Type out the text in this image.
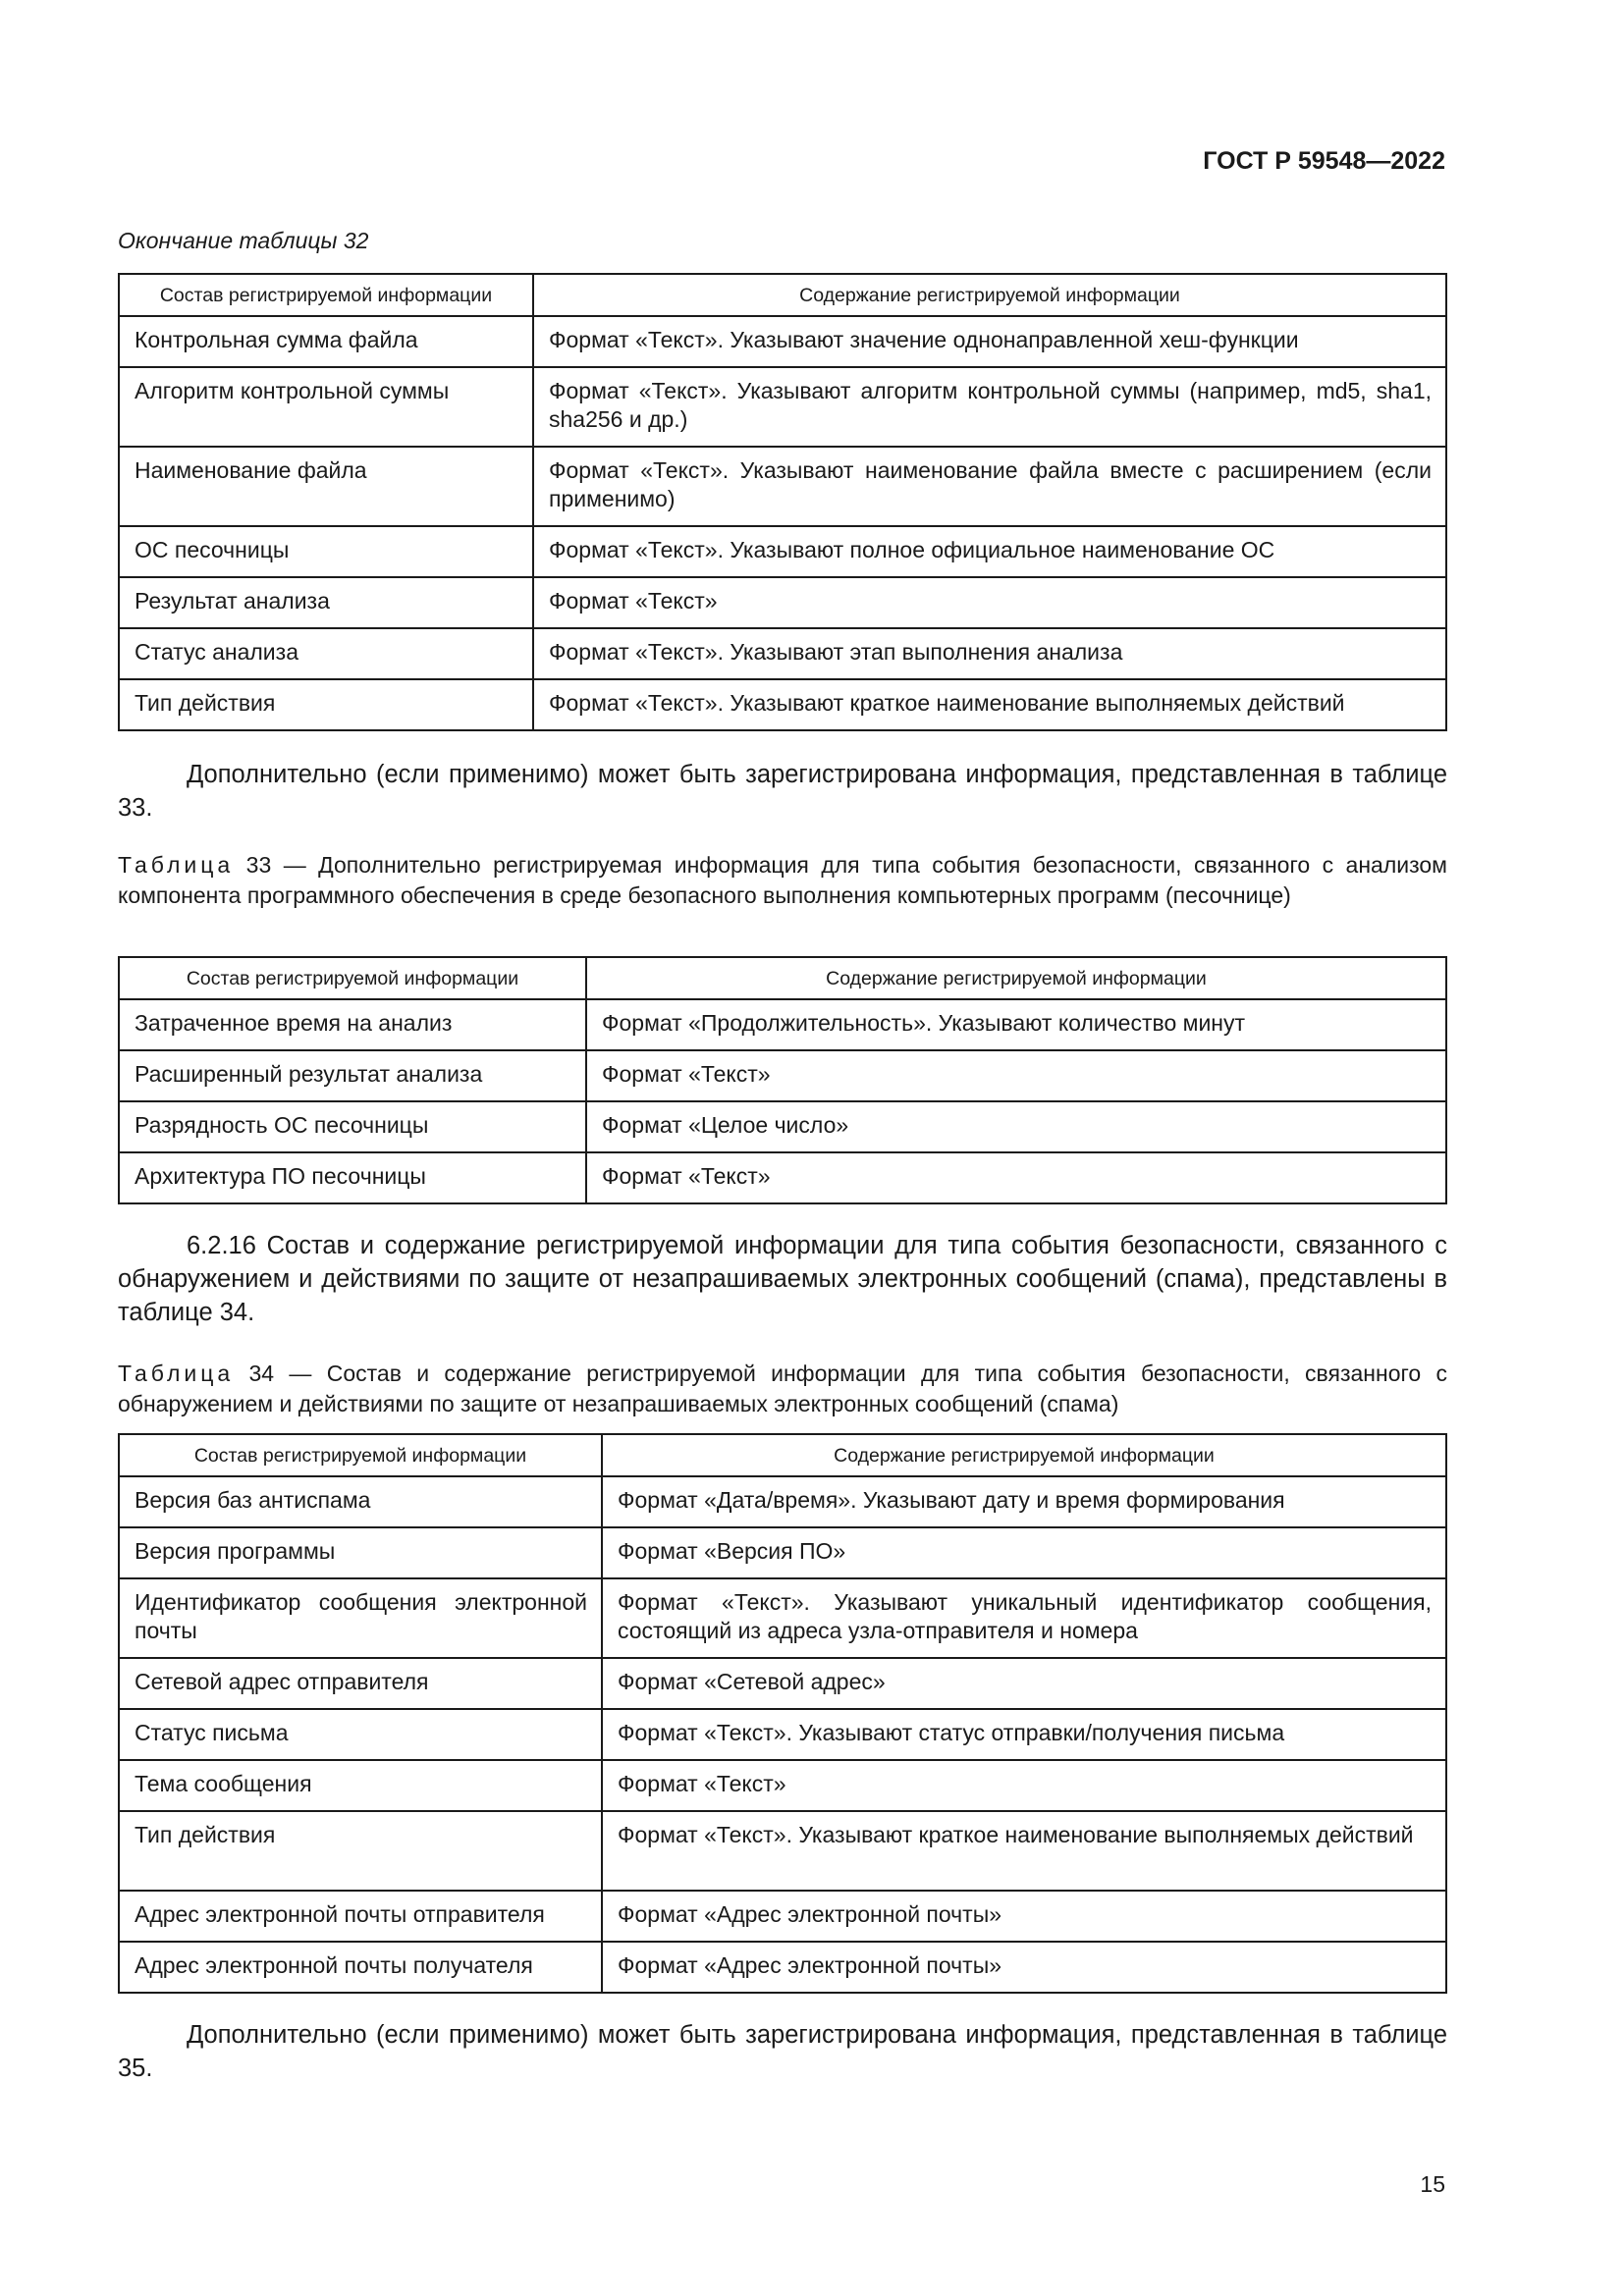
ГОСТ Р 59548—2022
Окончание таблицы 32
Состав регистрируемой информации	Содержание регистрируемой информации
Контрольная сумма файла	Формат «Текст». Указывают значение однонаправленной хеш-функции
Алгоритм контрольной суммы	Формат «Текст». Указывают алгоритм контрольной суммы (например, md5, sha1, sha256 и др.)
Наименование файла	Формат «Текст». Указывают наименование файла вместе с расширением (если применимо)
ОС песочницы	Формат «Текст». Указывают полное официальное наименование ОС
Результат анализа	Формат «Текст»
Статус анализа	Формат «Текст». Указывают этап выполнения анализа
Тип действия	Формат «Текст». Указывают краткое наименование выполняемых действий
Дополнительно (если применимо) может быть зарегистрирована информация, представленная в таблице 33.
Таблица 33 — Дополнительно регистрируемая информация для типа события безопасности, связанного с анализом компонента программного обеспечения в среде безопасного выполнения компьютерных программ (песочнице)
Состав регистрируемой информации	Содержание регистрируемой информации
Затраченное время на анализ	Формат «Продолжительность». Указывают количество минут
Расширенный результат анализа	Формат «Текст»
Разрядность ОС песочницы	Формат «Целое число»
Архитектура ПО песочницы	Формат «Текст»
6.2.16 Состав и содержание регистрируемой информации для типа события безопасности, связанного с обнаружением и действиями по защите от незапрашиваемых электронных сообщений (спама), представлены в таблице 34.
Таблица 34 — Состав и содержание регистрируемой информации для типа события безопасности, связанного с обнаружением и действиями по защите от незапрашиваемых электронных сообщений (спама)
Состав регистрируемой информации	Содержание регистрируемой информации
Версия баз антиспама	Формат «Дата/время». Указывают дату и время формирования
Версия программы	Формат «Версия ПО»
Идентификатор сообщения электронной почты	Формат «Текст». Указывают уникальный идентификатор сообщения, состоящий из адреса узла-отправителя и номера
Сетевой адрес отправителя	Формат «Сетевой адрес»
Статус письма	Формат «Текст». Указывают статус отправки/получения письма
Тема сообщения	Формат «Текст»
Тип действия	Формат «Текст». Указывают краткое наименование выполняемых действий
Адрес электронной почты отправителя	Формат «Адрес электронной почты»
Адрес электронной почты получателя	Формат «Адрес электронной почты»
Дополнительно (если применимо) может быть зарегистрирована информация, представленная в таблице 35.
15
